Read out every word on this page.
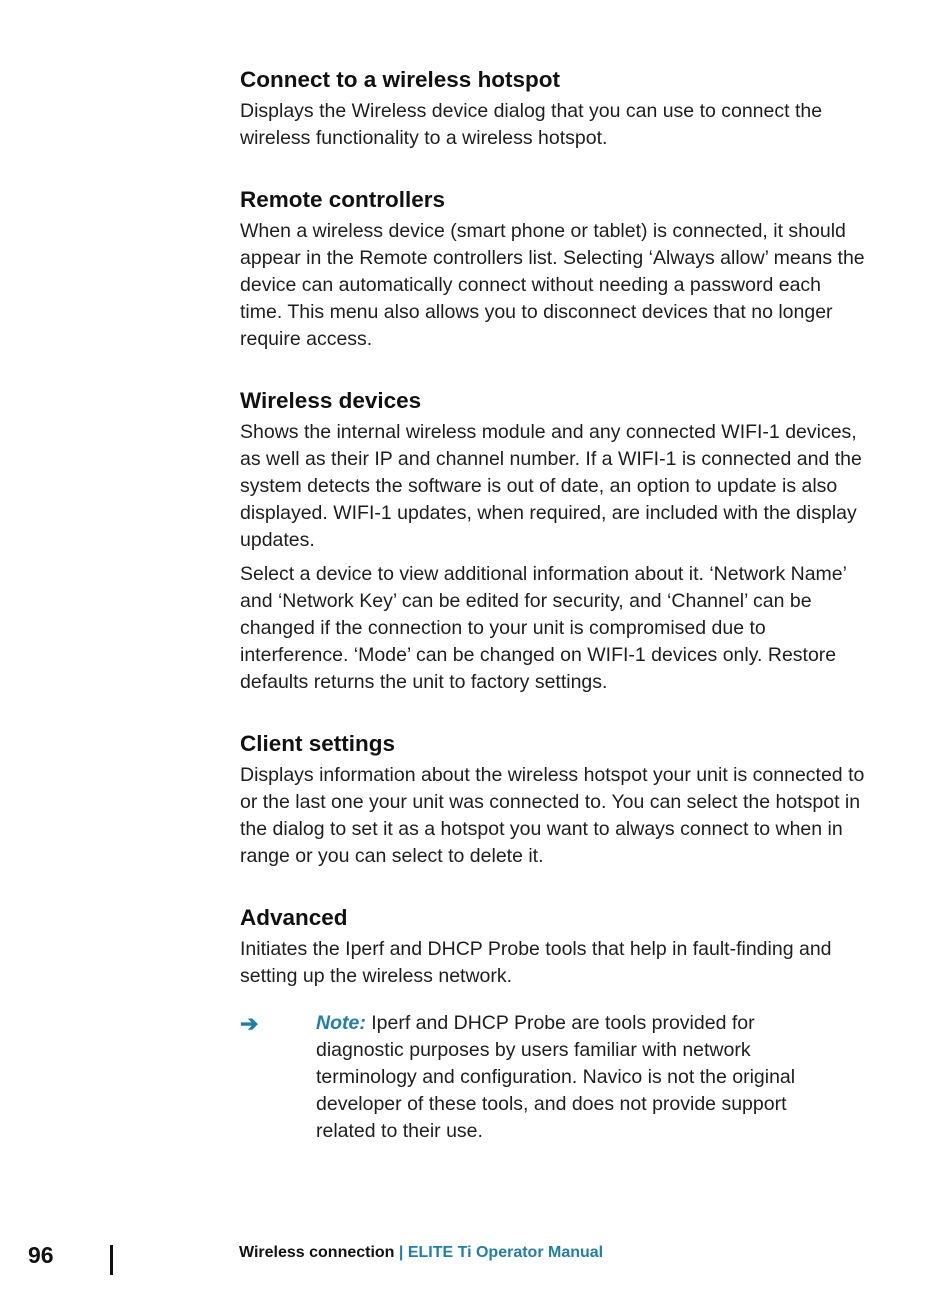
Connect to a wireless hotspot

Displays the Wireless device dialog that you can use to connect the wireless functionality to a wireless hotspot.

Remote controllers

When a wireless device (smart phone or tablet) is connected, it should appear in the Remote controllers list. Selecting ‘Always allow’ means the device can automatically connect without needing a password each time. This menu also allows you to disconnect devices that no longer require access.

Wireless devices

Shows the internal wireless module and any connected WIFI-1 devices, as well as their IP and channel number. If a WIFI-1 is connected and the system detects the software is out of date, an option to update is also displayed. WIFI-1 updates, when required, are included with the display updates.

Select a device to view additional information about it. ‘Network Name’ and ‘Network Key’ can be edited for security, and ‘Channel’ can be changed if the connection to your unit is compromised due to interference. ‘Mode’ can be changed on WIFI-1 devices only. Restore defaults returns the unit to factory settings.

Client settings

Displays information about the wireless hotspot your unit is connected to or the last one your unit was connected to. You can select the hotspot in the dialog to set it as a hotspot you want to always connect to when in range or you can select to delete it.

Advanced

Initiates the Iperf and DHCP Probe tools that help in fault-finding and setting up the wireless network.

➔	Note: Iperf and DHCP Probe are tools provided for diagnostic purposes by users familiar with network terminology and configuration. Navico is not the original developer of these tools, and does not provide support related to their use.
96	Wireless connection | ELITE Ti Operator Manual
